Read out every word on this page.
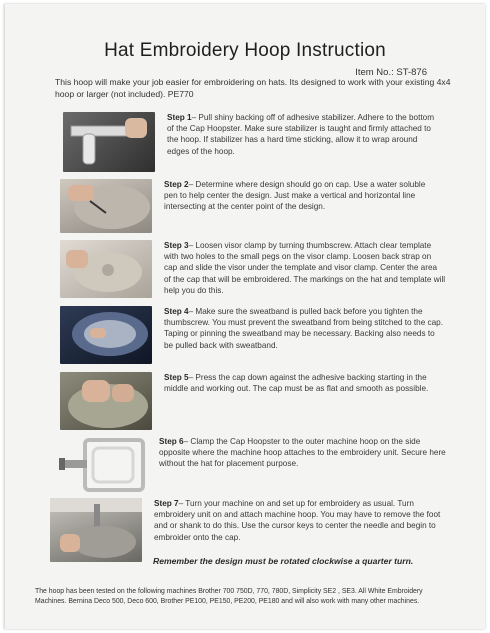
Hat Embroidery Hoop Instruction
Item No.: ST-876
This hoop will make your job easier for embroidering on hats. Its designed to work with your existing 4x4 hoop or larger (not included). PE770
Step 1– Pull shiny backing off of adhesive stabilizer. Adhere to the bottom of the Cap Hoopster. Make sure stabilizer is taught and firmly attached to the hoop. If stabilizer has a hard time sticking, allow it to wrap around edges of the hoop.
Step 2– Determine where design should go on cap. Use a water soluble pen to help center the design. Just make a vertical and horizontal line intersecting at the center point of the design.
Step 3– Loosen visor clamp by turning thumbscrew. Attach clear template with two holes to the small pegs on the visor clamp. Loosen back strap on cap and slide the visor under the template and visor clamp. Center the area of the cap that will be embroidered. The markings on the hat and template will help you do this.
Step 4– Make sure the sweatband is pulled back before you tighten the thumbscrew. You must prevent the sweatband from being stitched to the cap. Taping or pinning the sweatband may be necessary. Backing also needs to be pulled back with sweatband.
Step 5– Press the cap down against the adhesive backing starting in the middle and working out. The cap must be as flat and smooth as possible.
Step 6– Clamp the Cap Hoopster to the outer machine hoop on the side opposite where the machine hoop attaches to the embroidery unit. Secure here without the hat for placement purpose.
Step 7– Turn your machine on and set up for embroidery as usual. Turn embroidery unit on and attach machine hoop. You may have to remove the foot and or shank to do this. Use the cursor keys to center the needle and begin to embroider onto the cap.
Remember the design must be rotated clockwise a quarter turn.
The hoop has been tested on the following machines Brother 700 750D, 770, 780D, Simplicity SE2 , SE3. All White Embroidery Machines. Bernina Deco 500, Deco 600, Brother PE100, PE150, PE200, PE180 and will also work with many other machines.
